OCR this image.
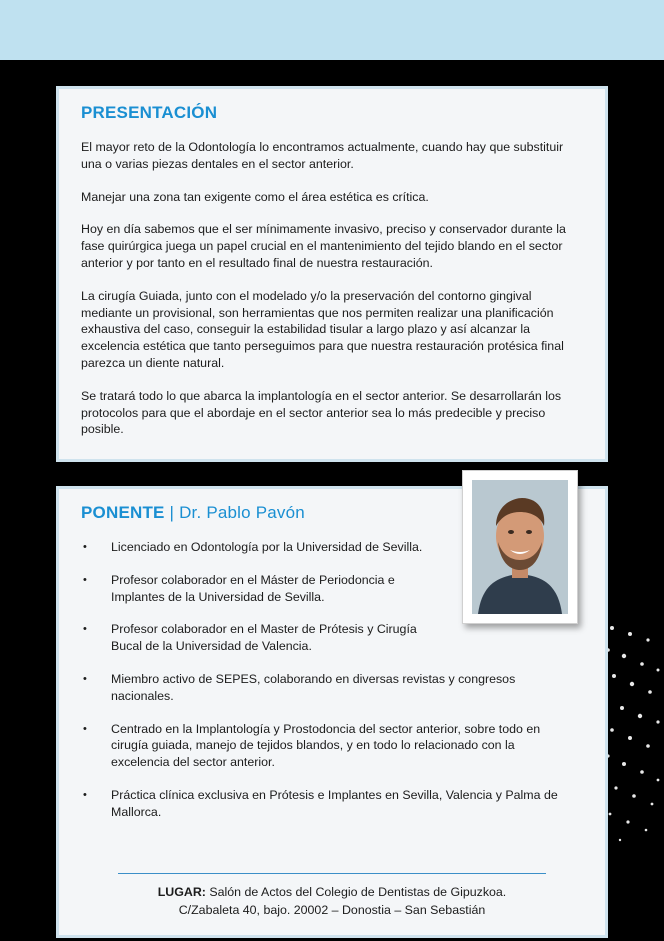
PRESENTACIÓN

El mayor reto de la Odontología lo encontramos actualmente, cuando hay que substituir una o varias piezas dentales en el sector anterior.

Manejar una zona tan exigente como el área estética es crítica.

Hoy en día sabemos que el ser mínimamente invasivo, preciso y conservador durante la fase quirúrgica juega un papel crucial en el mantenimiento del tejido blando en el sector anterior y por tanto en el resultado final de nuestra restauración.

La cirugía Guiada, junto con el modelado y/o la preservación del contorno gingival mediante un provisional, son herramientas que nos permiten realizar una planificación exhaustiva del caso, conseguir la estabilidad tisular a largo plazo y así alcanzar la excelencia estética que tanto perseguimos para que nuestra restauración protésica final parezca un diente natural.

Se tratará todo lo que abarca la implantología en el sector anterior. Se desarrollarán los protocolos para que el abordaje en el sector anterior sea lo más predecible y preciso posible.

PONENTE | Dr. Pablo Pavón
• Licenciado en Odontología por la Universidad de Sevilla.
• Profesor colaborador en el Máster de Periodoncia e Implantes de la Universidad de Sevilla.
• Profesor colaborador en el Master de Prótesis y Cirugía Bucal de la Universidad de Valencia.
• Miembro activo de SEPES, colaborando en diversas revistas y congresos nacionales.
• Centrado en la Implantología y Prostodoncia del sector anterior, sobre todo en cirugía guiada, manejo de tejidos blandos, y en todo lo relacionado con la excelencia del sector anterior.
• Práctica clínica exclusiva en Prótesis e Implantes en Sevilla, Valencia y Palma de Mallorca.
LUGAR: Salón de Actos del Colegio de Dentistas de Gipuzkoa.
C/Zabaleta 40, bajo. 20002 – Donostia – San Sebastián
